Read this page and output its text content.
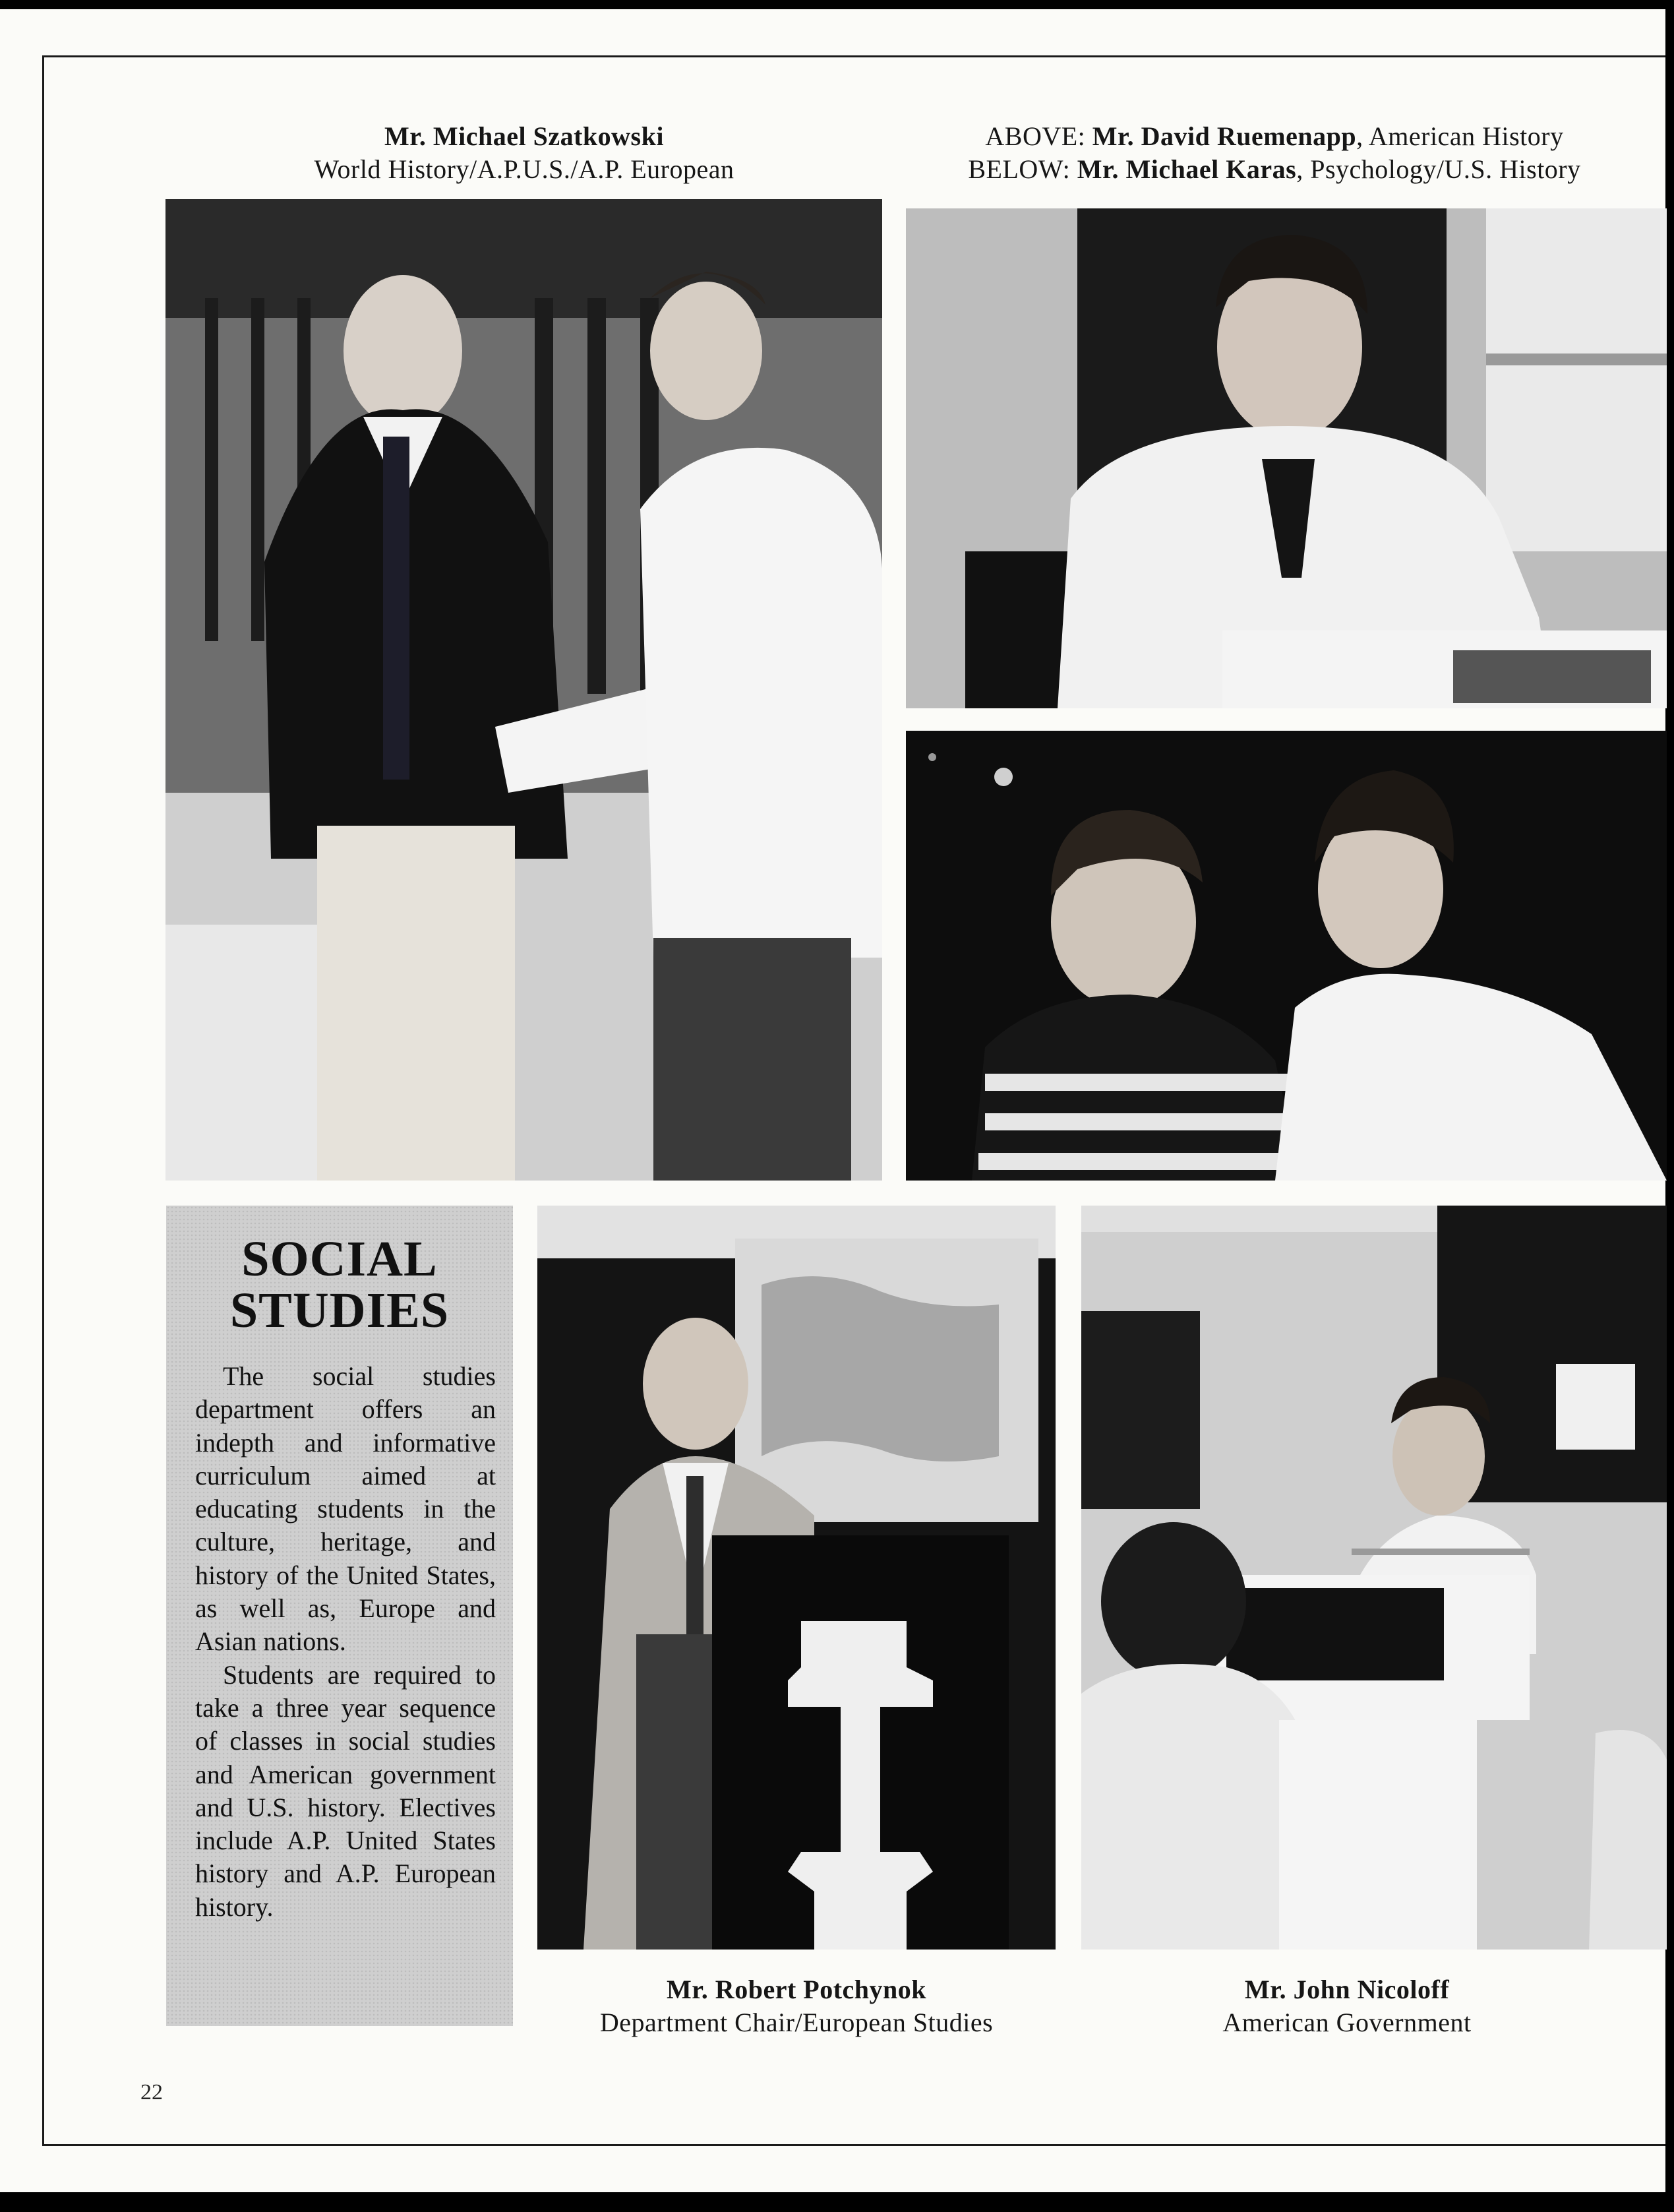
Mr. Michael Szatkowski
World History/A.P.U.S./A.P. European
ABOVE: Mr. David Ruemenapp, American History
BELOW: Mr. Michael Karas, Psychology/U.S. History
SOCIAL
STUDIES

The social studies department offers an indepth and informative curriculum aimed at educating students in the culture, heritage, and history of the United States, as well as, Europe and Asian nations.

Students are required to take a three year sequence of classes in social studies and American government and U.S. history. Electives include A.P. United States history and A.P. European history.

Mr. Robert Potchynok
Department Chair/European Studies
Mr. John Nicoloff
American Government
22
